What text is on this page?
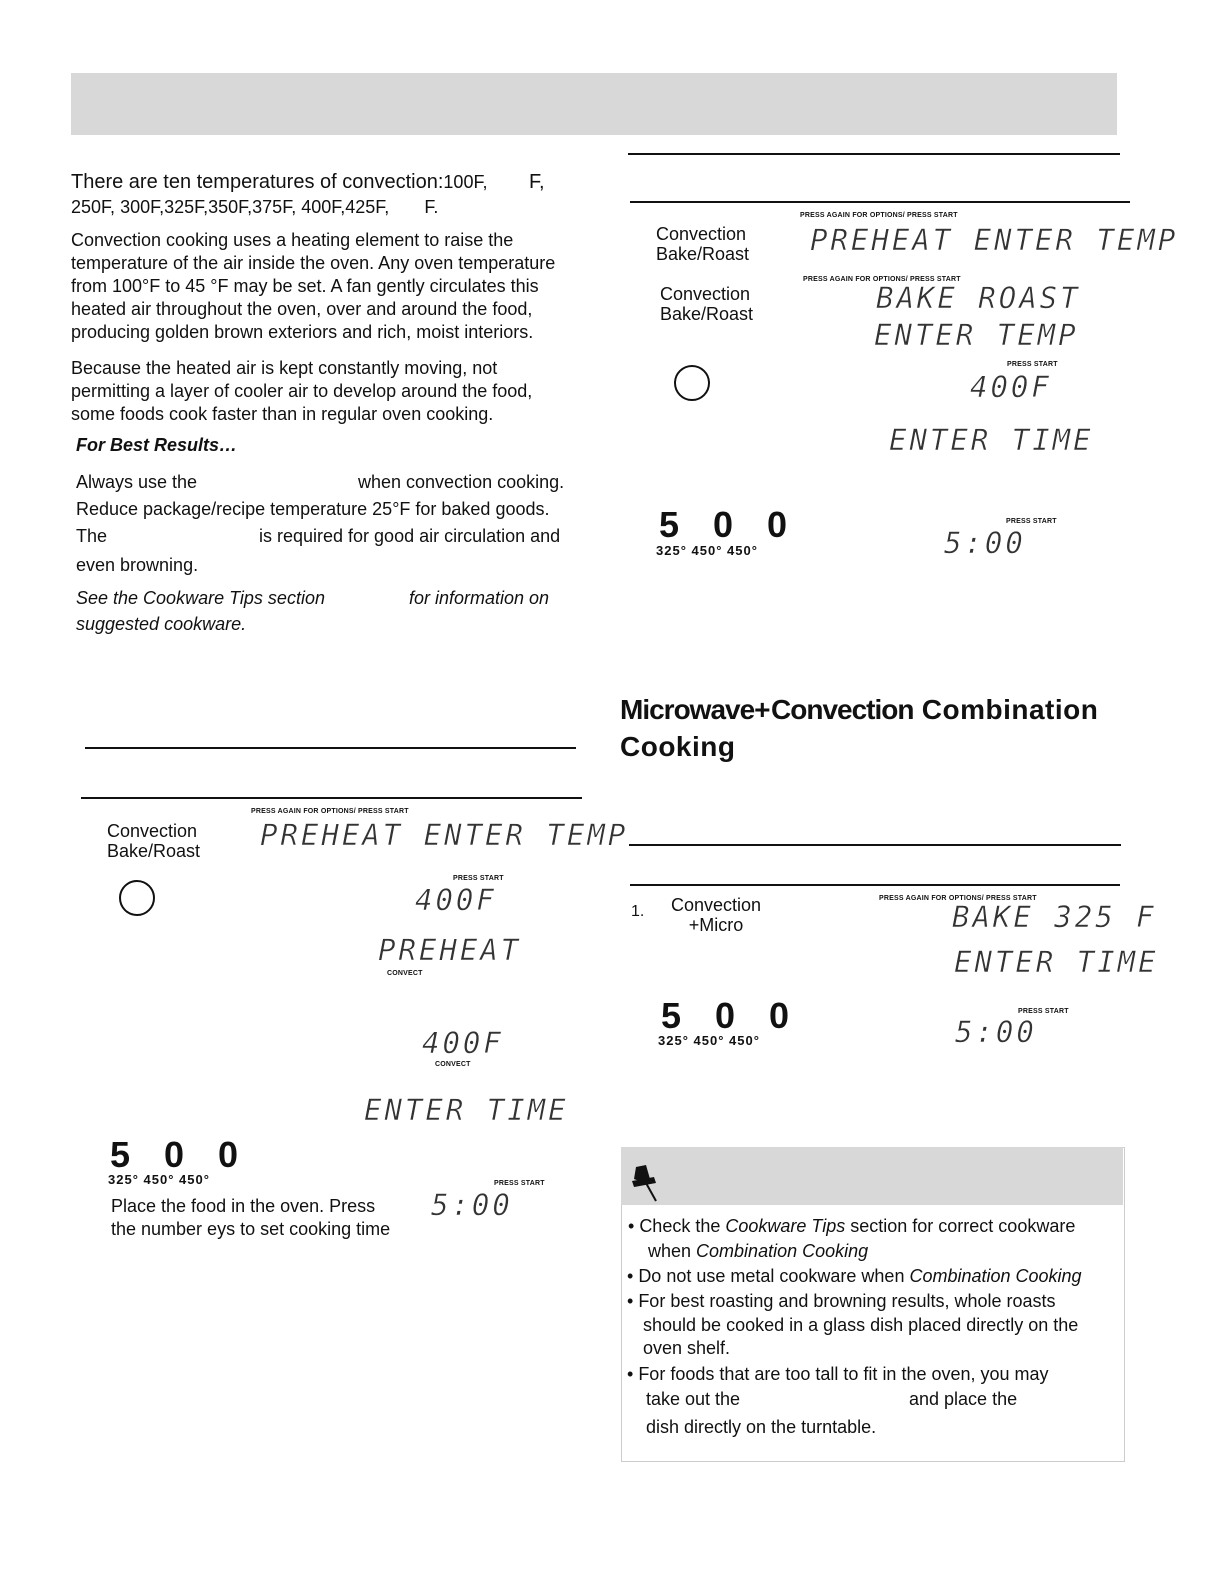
There are ten temperatures of convection:100F, F,
250F, 300F,325F,350F,375F, 400F,425F, F.
Convection cooking uses a heating element to raise the
temperature of the air inside the oven. Any oven temperature
from 100°F to 45 °F may be set. A fan gently circulates this
heated air throughout the oven, over and around the food,
producing golden brown exteriors and rich, moist interiors.
Because the heated air is kept constantly moving, not
permitting a layer of cooler air to develop around the food,
some foods cook faster than in regular oven cooking.
For Best Results…
Always use the	when convection cooking.
Reduce package/recipe temperature 25°F for baked goods.
The	is required for good air circulation and
even browning.
See the Cookware Tips section	for information on
suggested cookware.
Convection
Bake/Roast
PRESS AGAIN FOR OPTIONS/ PRESS START
PREHEAT ENTER TEMP
PRESS START
400F
PREHEAT
CONVECT
400F
CONVECT
ENTER TIME
5 0 0
325° 450° 450°	PRESS START
5:00
Place the food in the oven. Press
the number eys to set cooking time
PRESS AGAIN FOR OPTIONS/ PRESS START
Convection
Bake/Roast PREHEAT ENTER TEMP
PRESS AGAIN FOR OPTIONS/ PRESS START
Convection
Bake/Roast	BAKE ROAST
ENTER TEMP
PRESS START
400F
ENTER TIME
5 0 0
325° 450° 450°
PRESS START
5:00
Microwave+Convection Combination
Cooking
1.	Convection
+Micro
PRESS AGAIN FOR OPTIONS/ PRESS START
BAKE 325 F
ENTER TIME
5 0 0
325° 450° 450°
PRESS START
5:00
• Check the Cookware Tips section for correct cookware
when Combination Cooking
• Do not use metal cookware when Combination Cooking
• For best roasting and browning results, whole roasts
should be cooked in a glass dish placed directly on the
oven shelf.
• For foods that are too tall to fit in the oven, you may
take out the	and place the
dish directly on the turntable.
